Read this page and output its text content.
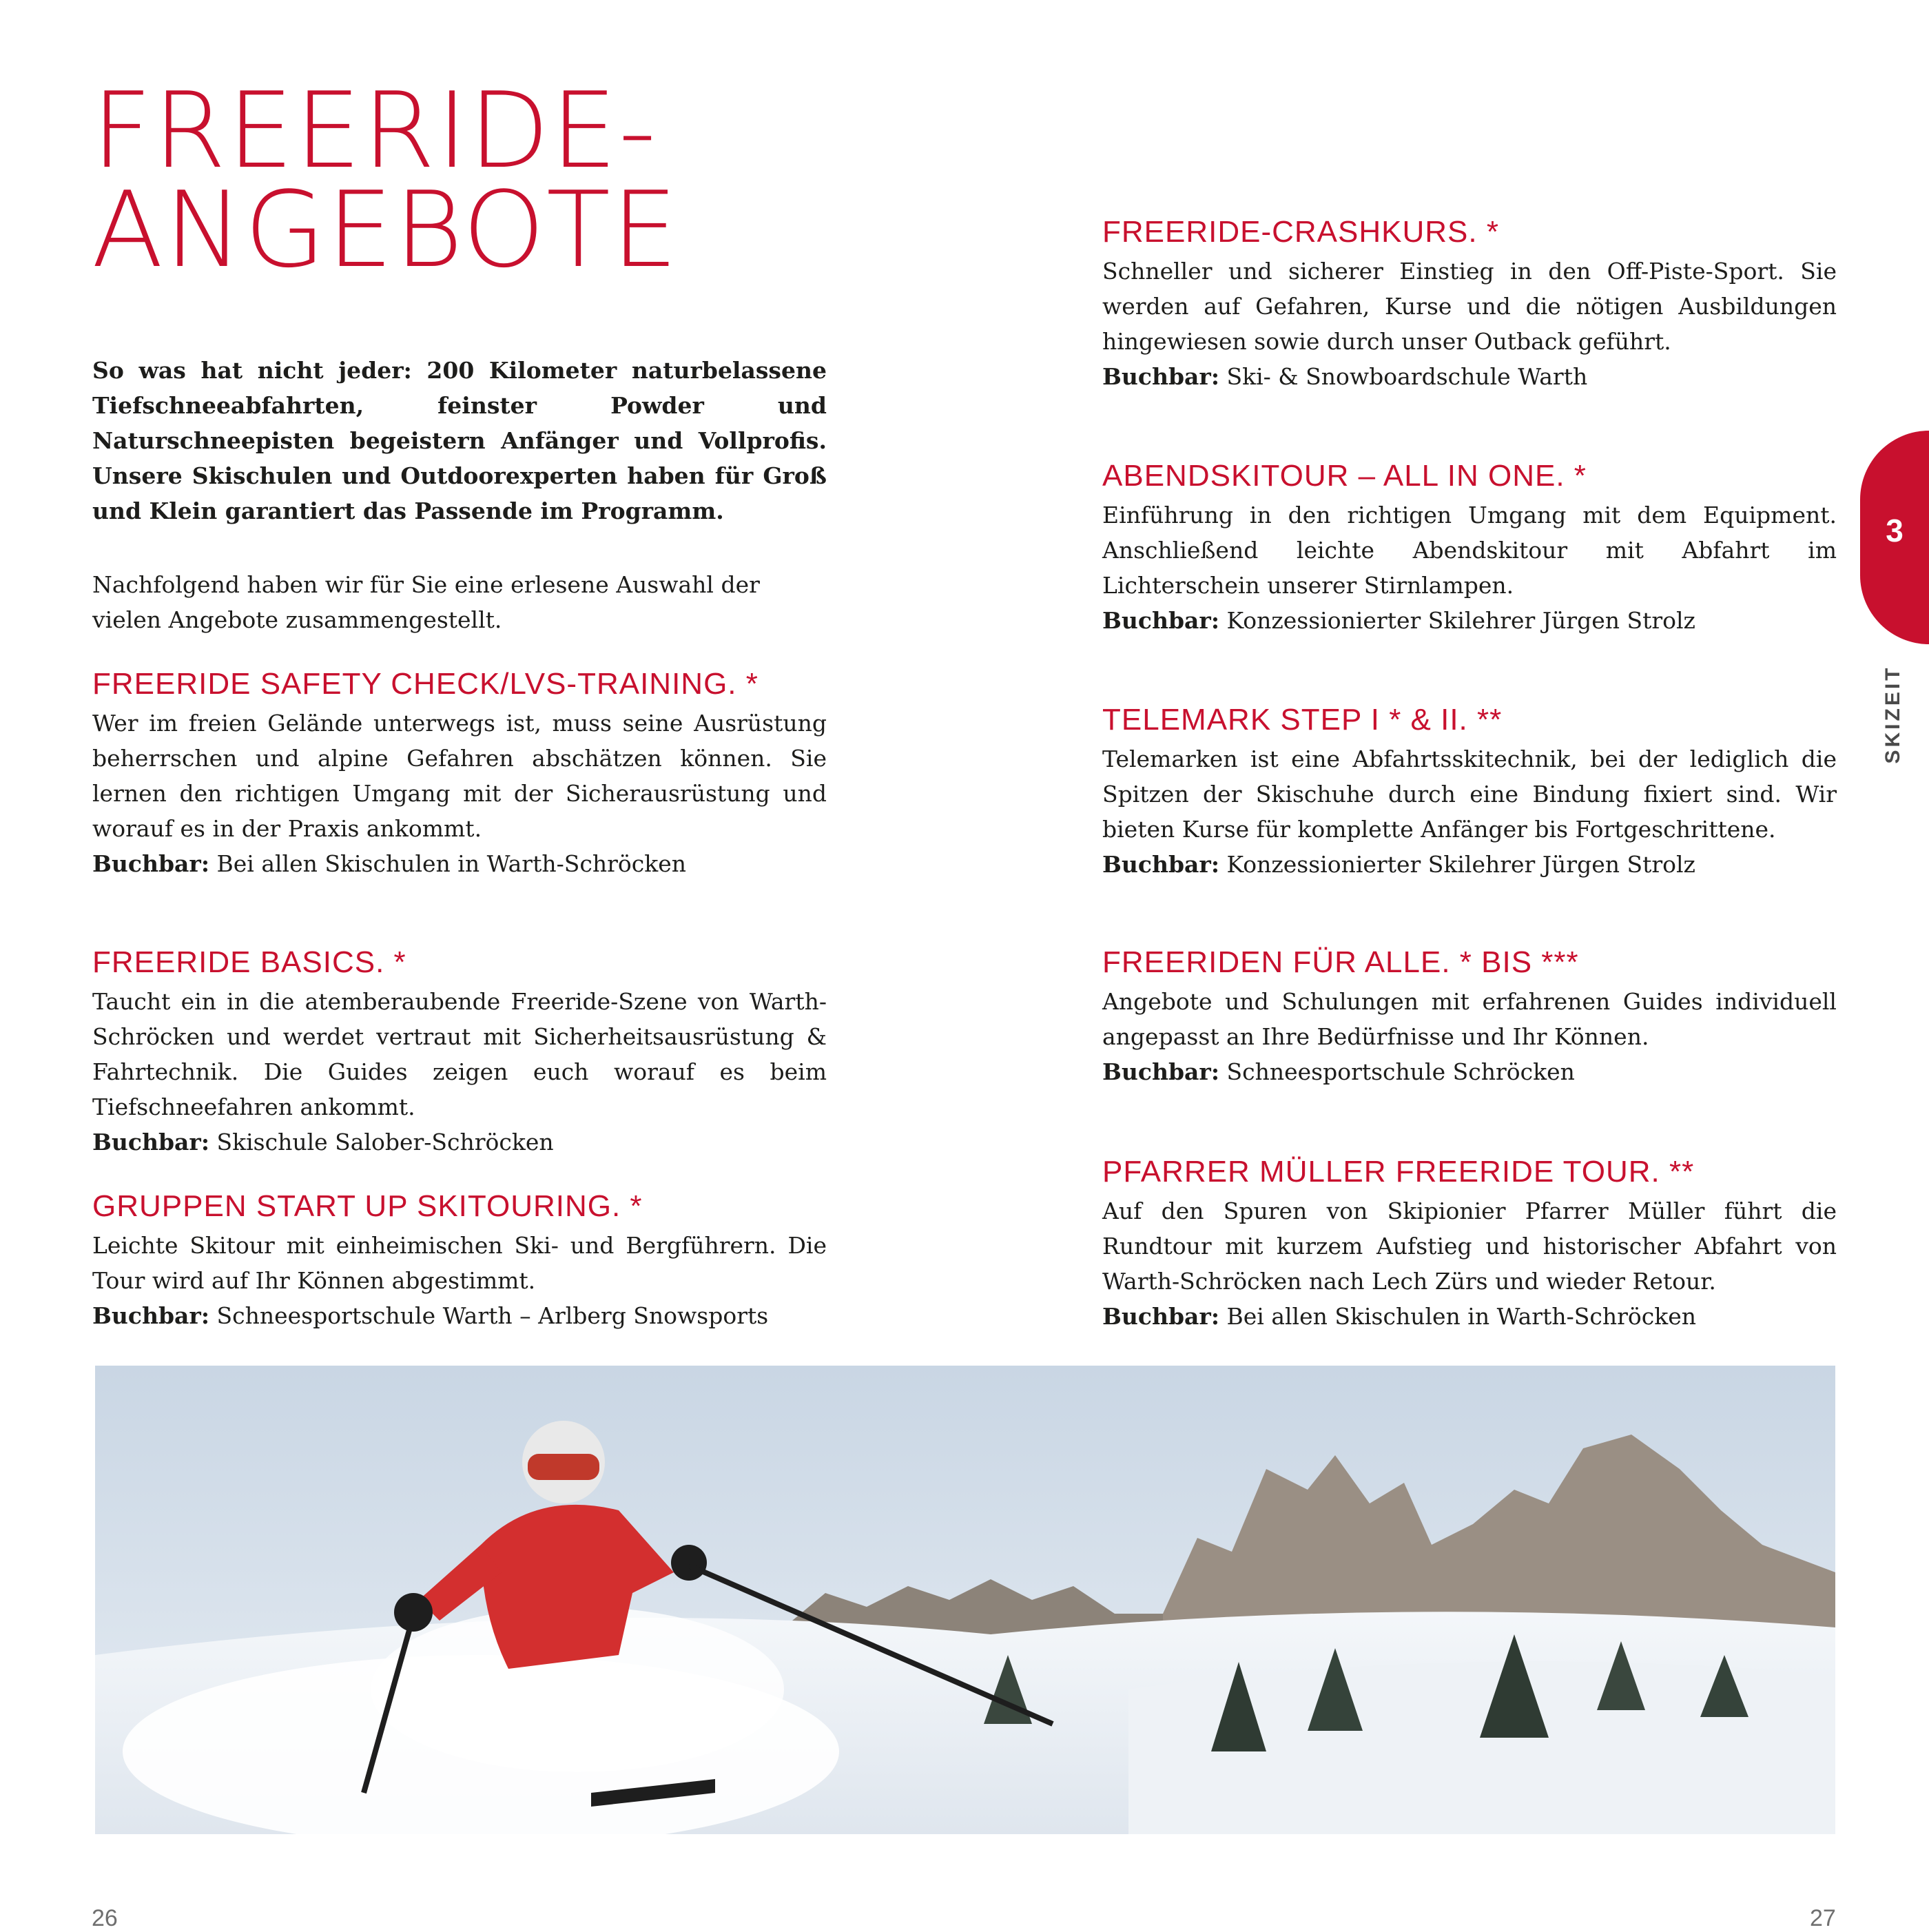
FREERIDE-
ANGEBOTE

So was hat nicht jeder: 200 Kilometer naturbelassene Tiefschneeabfahrten, feinster Powder und Naturschneepisten begeistern Anfänger und Vollprofis. Unsere Skischulen und Outdoorexperten haben für Groß und Klein garantiert das Passende im Programm.

Nachfolgend haben wir für Sie eine erlesene Auswahl der vielen Angebote zusammengestellt.

FREERIDE SAFETY CHECK/LVS-TRAINING. *

Wer im freien Gelände unterwegs ist, muss seine Ausrüstung beherrschen und alpine Gefahren abschätzen können. Sie lernen den richtigen Umgang mit der Sicherausrüstung und worauf es in der Praxis ankommt.

Buchbar: Bei allen Skischulen in Warth-Schröcken

FREERIDE BASICS. *

Taucht ein in die atemberaubende Freeride-Szene von Warth-Schröcken und werdet vertraut mit Sicherheitsausrüstung & Fahrtechnik. Die Guides zeigen euch worauf es beim Tiefschneefahren ankommt.

Buchbar: Skischule Salober-Schröcken

GRUPPEN START UP SKITOURING. *

Leichte Skitour mit einheimischen Ski- und Bergführern. Die Tour wird auf Ihr Können abgestimmt.

Buchbar: Schneesportschule Warth – Arlberg Snowsports

FREERIDE-CRASHKURS. *

Schneller und sicherer Einstieg in den Off-Piste-Sport. Sie werden auf Gefahren, Kurse und die nötigen Ausbildungen hingewiesen sowie durch unser Outback geführt.

Buchbar: Ski- & Snowboardschule Warth

ABENDSKITOUR – ALL IN ONE. *

Einführung in den richtigen Umgang mit dem Equipment. Anschließend leichte Abendskitour mit Abfahrt im Lichterschein unserer Stirnlampen.

Buchbar: Konzessionierter Skilehrer Jürgen Strolz

TELEMARK STEP I * & II. **

Telemarken ist eine Abfahrtsskitechnik, bei der lediglich die Spitzen der Skischuhe durch eine Bindung fixiert sind. Wir bieten Kurse für komplette Anfänger bis Fortgeschrittene.

Buchbar: Konzessionierter Skilehrer Jürgen Strolz

FREERIDEN FÜR ALLE. * BIS ***

Angebote und Schulungen mit erfahrenen Guides individuell angepasst an Ihre Bedürfnisse und Ihr Können.

Buchbar: Schneesportschule Schröcken

PFARRER MÜLLER FREERIDE TOUR. **

Auf den Spuren von Skipionier Pfarrer Müller führt die Rundtour mit kurzem Aufstieg und historischer Abfahrt von Warth-Schröcken nach Lech Zürs und wieder Retour.

Buchbar: Bei allen Skischulen in Warth-Schröcken

26	27
3
SKIZEIT
